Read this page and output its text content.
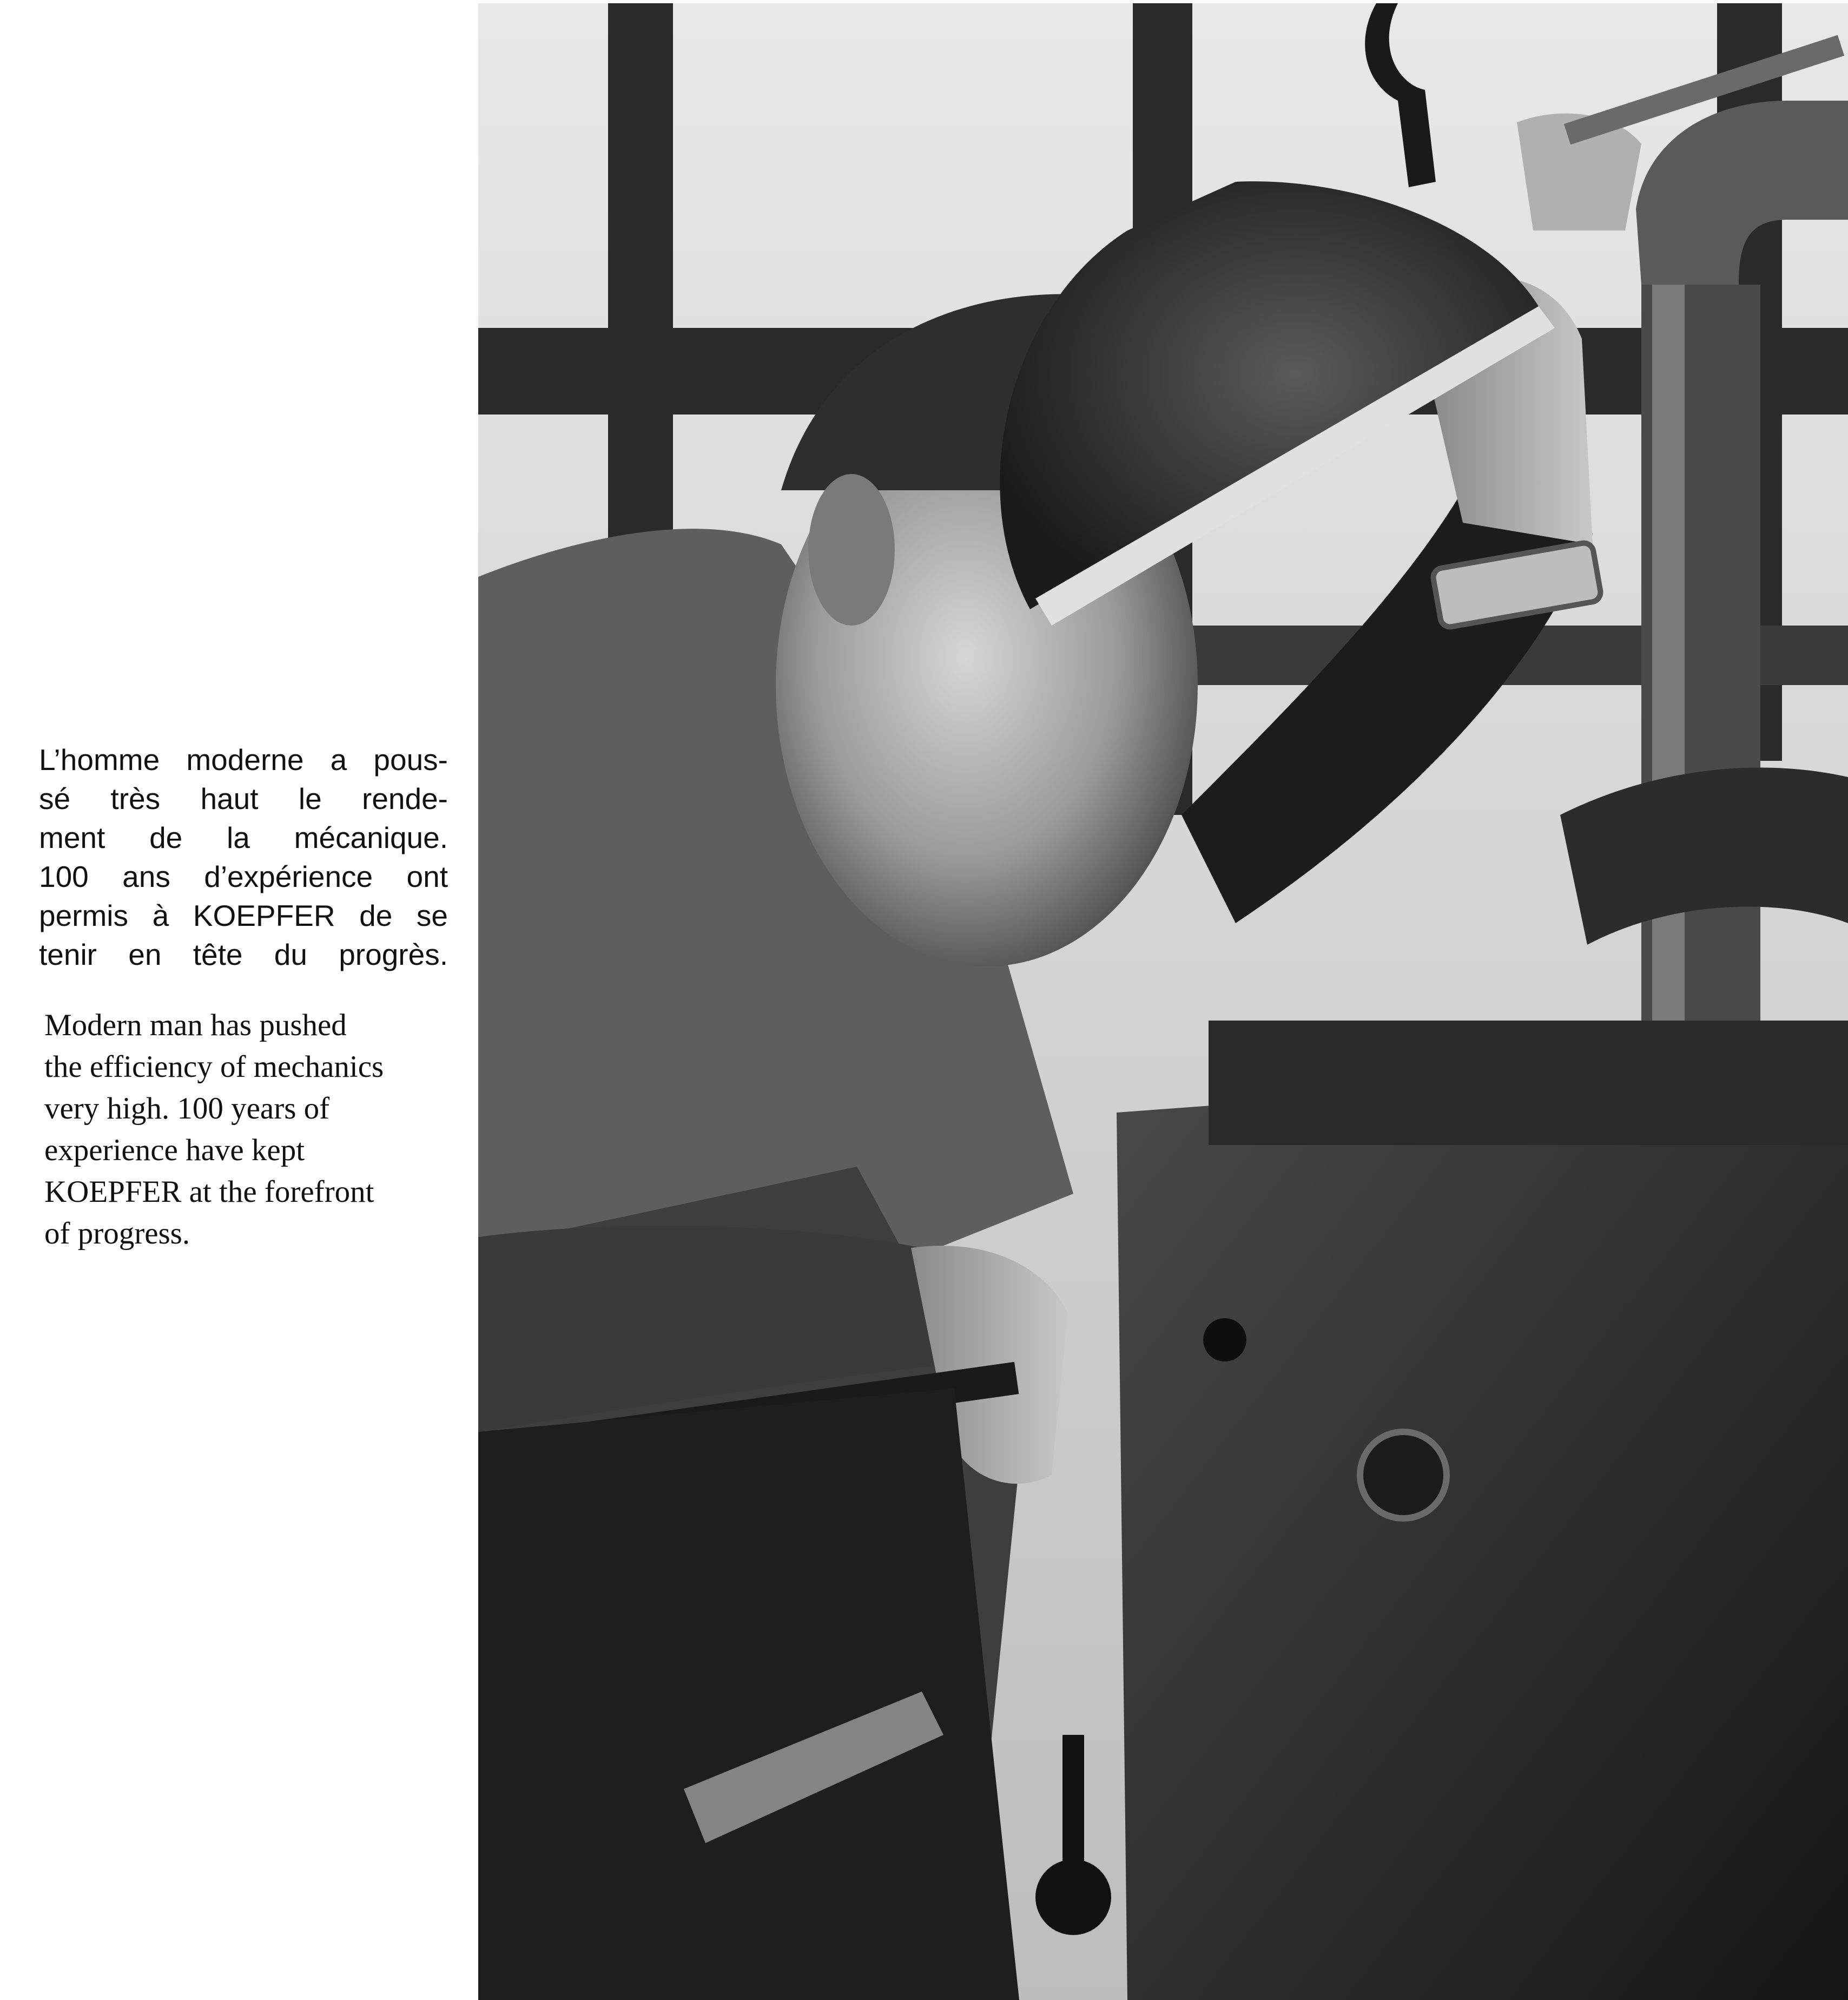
L’homme moderne a pous-
sé très haut le rende-
ment de la mécanique.
100 ans d’expérience ont
permis à KOEPFER de se
tenir en tête du progrès.
Modern man has pushed
the efficiency of mechanics
very high. 100 years of
experience have kept
KOEPFER at the forefront
of progress.
